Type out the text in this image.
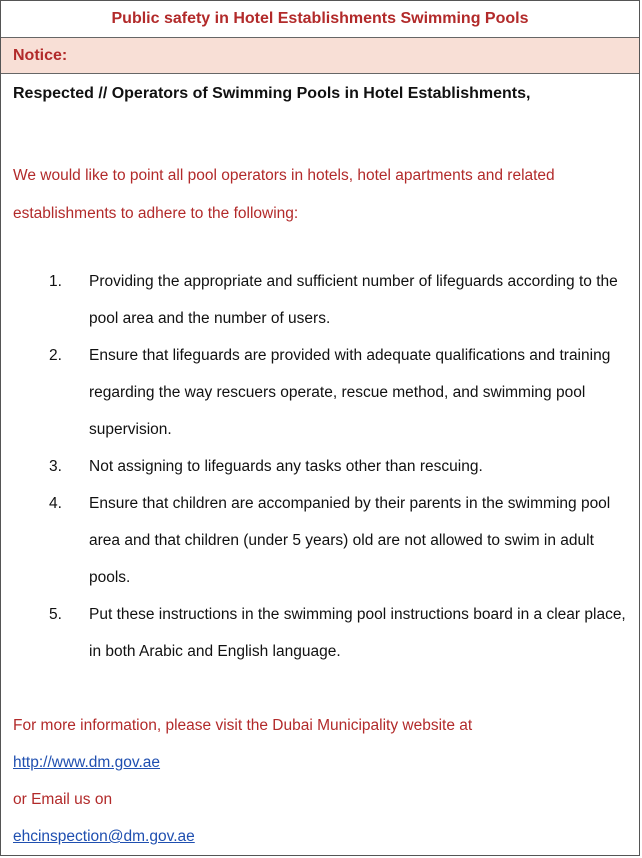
Public safety in Hotel Establishments Swimming Pools
Notice:
Respected // Operators of Swimming Pools in Hotel Establishments,
We would like to point all pool operators in hotels, hotel apartments and related establishments to adhere to the following:
1.	Providing the appropriate and sufficient number of lifeguards according to the pool area and the number of users.
2.	Ensure that lifeguards are provided with adequate qualifications and training regarding the way rescuers operate, rescue method, and swimming pool supervision.
3.	Not assigning to lifeguards any tasks other than rescuing.
4.	Ensure that children are accompanied by their parents in the swimming pool area and that children (under 5 years) old are not allowed to swim in adult pools.
5.	Put these instructions in the swimming pool instructions board in a clear place, in both Arabic and English language.
For more information, please visit the Dubai Municipality website at
http://www.dm.gov.ae
or Email us on
ehcinspection@dm.gov.ae
